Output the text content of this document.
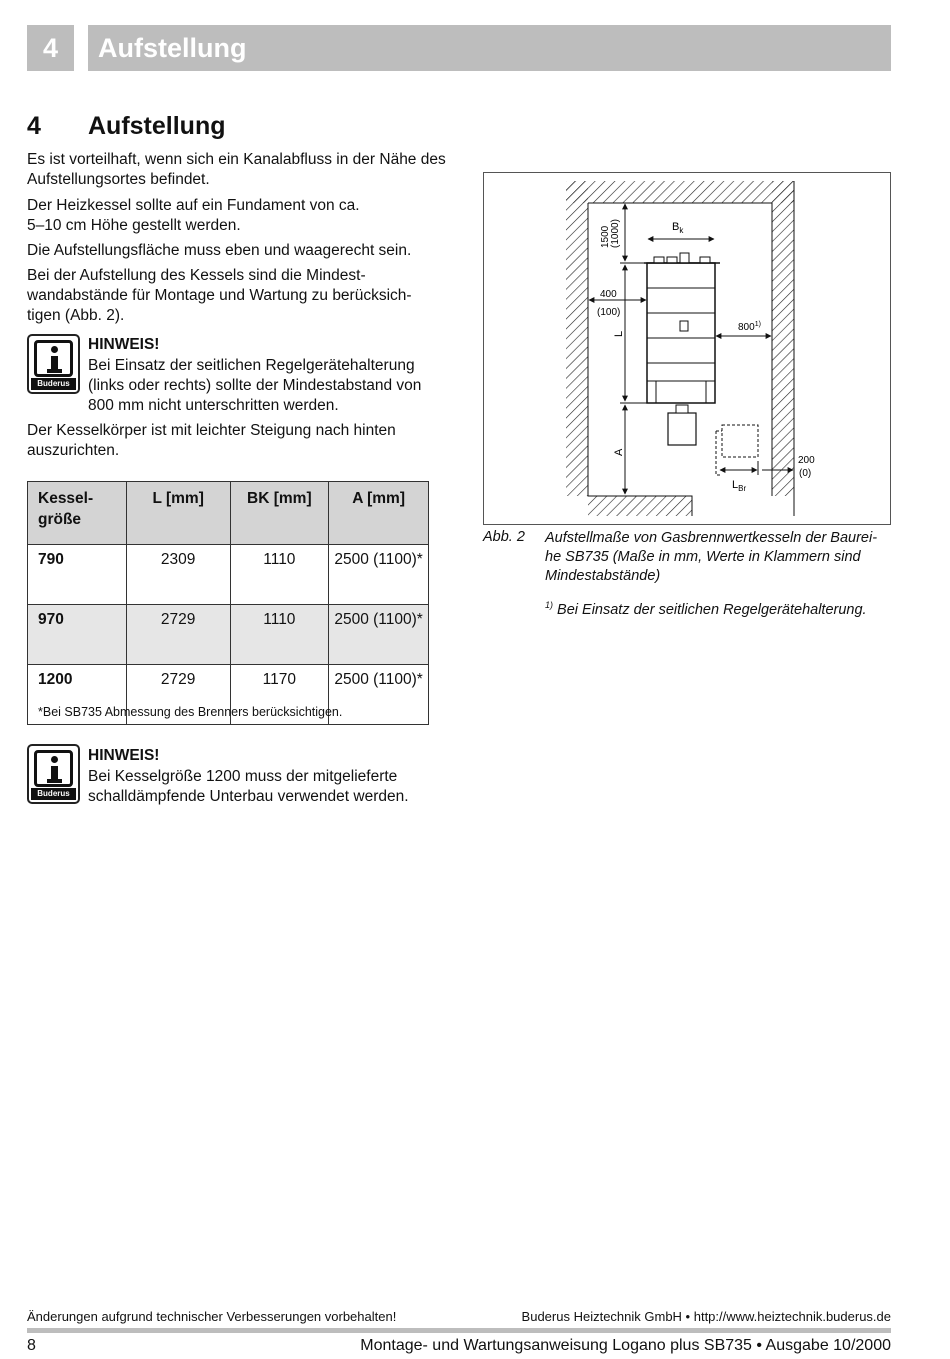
4	Aufstellung
4 Aufstellung
Es ist vorteilhaft, wenn sich ein Kanalabfluss in der Nähe des Aufstellungsortes befindet.
Der Heizkessel sollte auf ein Fundament von ca. 5–10 cm Höhe gestellt werden.
Die Aufstellungsfläche muss eben und waagerecht sein.
Bei der Aufstellung des Kessels sind die Mindest-wandabstände für Montage und Wartung zu berücksich-tigen (Abb. 2).
Buderus
HINWEIS!
Bei Einsatz der seitlichen Regelgerätehalterung (links oder rechts) sollte der Mindestabstand von 800 mm nicht unterschritten werden.
Der Kesselkörper ist mit leichter Steigung nach hinten auszurichten.
Kessel- größe	L [mm]	BK [mm]	A [mm]
790	2309	1110	2500 (1100)*
970	2729	1110	2500 (1100)*
1200	2729	1170	2500 (1100)*
*Bei SB735 Abmessung des Brenners berücksichtigen.
Buderus
HINWEIS!
Bei Kesselgröße 1200 muss der mitgelieferte schalldämpfende Unterbau verwendet werden.
1500 (1000)	$B_k$
400
(100)
800$^{1)}$
L
A
$L_{Br}$
200
(0)
Abb. 2 Aufstellmaße von Gasbrennwertkesseln der Baurei-he SB735 (Maße in mm, Werte in Klammern sind Mindestabstände)
$^{1)}$ Bei Einsatz der seitlichen Regelgerätehalterung.
Änderungen aufgrund technischer Verbesserungen vorbehalten!	Buderus Heiztechnik GmbH • http://www.heiztechnik.buderus.de
8	Montage- und Wartungsanweisung Logano plus SB735 • Ausgabe 10/2000
